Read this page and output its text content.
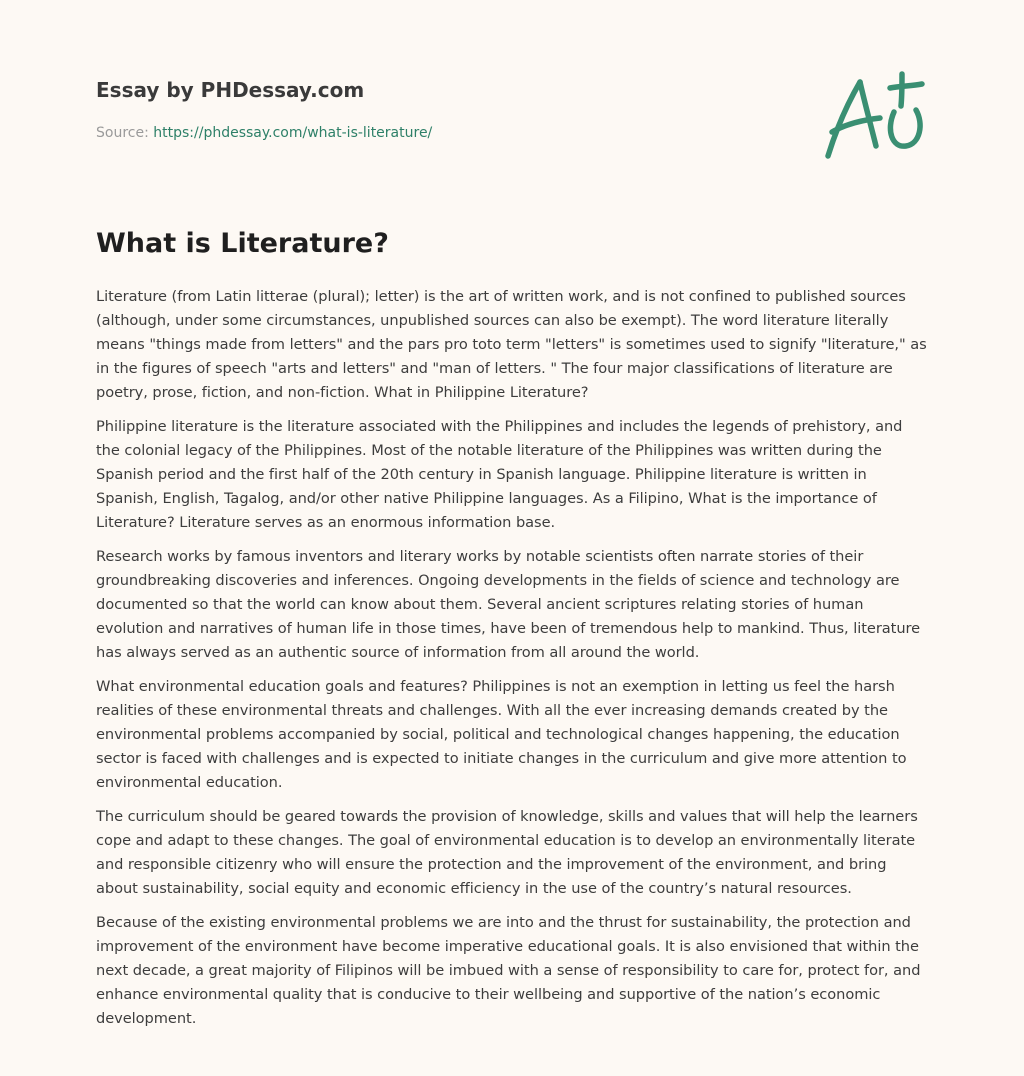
Essay by PHDessay.com
Source: https://phdessay.com/what-is-literature/
What is Literature?

Literature (from Latin litterae (plural); letter) is the art of written work, and is not confined to published sources (although, under some circumstances, unpublished sources can also be exempt). The word literature literally means "things made from letters" and the pars pro toto term "letters" is sometimes used to signify "literature," as in the figures of speech "arts and letters" and "man of letters. " The four major classifications of literature are poetry, prose, fiction, and non-fiction. What in Philippine Literature?

Philippine literature is the literature associated with the Philippines and includes the legends of prehistory, and the colonial legacy of the Philippines. Most of the notable literature of the Philippines was written during the Spanish period and the first half of the 20th century in Spanish language. Philippine literature is written in Spanish, English, Tagalog, and/or other native Philippine languages. As a Filipino, What is the importance of Literature? Literature serves as an enormous information base.

Research works by famous inventors and literary works by notable scientists often narrate stories of their groundbreaking discoveries and inferences. Ongoing developments in the fields of science and technology are documented so that the world can know about them. Several ancient scriptures relating stories of human evolution and narratives of human life in those times, have been of tremendous help to mankind. Thus, literature has always served as an authentic source of information from all around the world.

What environmental education goals and features? Philippines is not an exemption in letting us feel the harsh realities of these environmental threats and challenges. With all the ever increasing demands created by the environmental problems accompanied by social, political and technological changes happening, the education sector is faced with challenges and is expected to initiate changes in the curriculum and give more attention to environmental education.

The curriculum should be geared towards the provision of knowledge, skills and values that will help the learners cope and adapt to these changes. The goal of environmental education is to develop an environmentally literate and responsible citizenry who will ensure the protection and the improvement of the environment, and bring about sustainability, social equity and economic efficiency in the use of the country’s natural resources.

Because of the existing environmental problems we are into and the thrust for sustainability, the protection and improvement of the environment have become imperative educational goals. It is also envisioned that within the next decade, a great majority of Filipinos will be imbued with a sense of responsibility to care for, protect for, and enhance environmental quality that is conducive to their wellbeing and supportive of the nation’s economic development.
